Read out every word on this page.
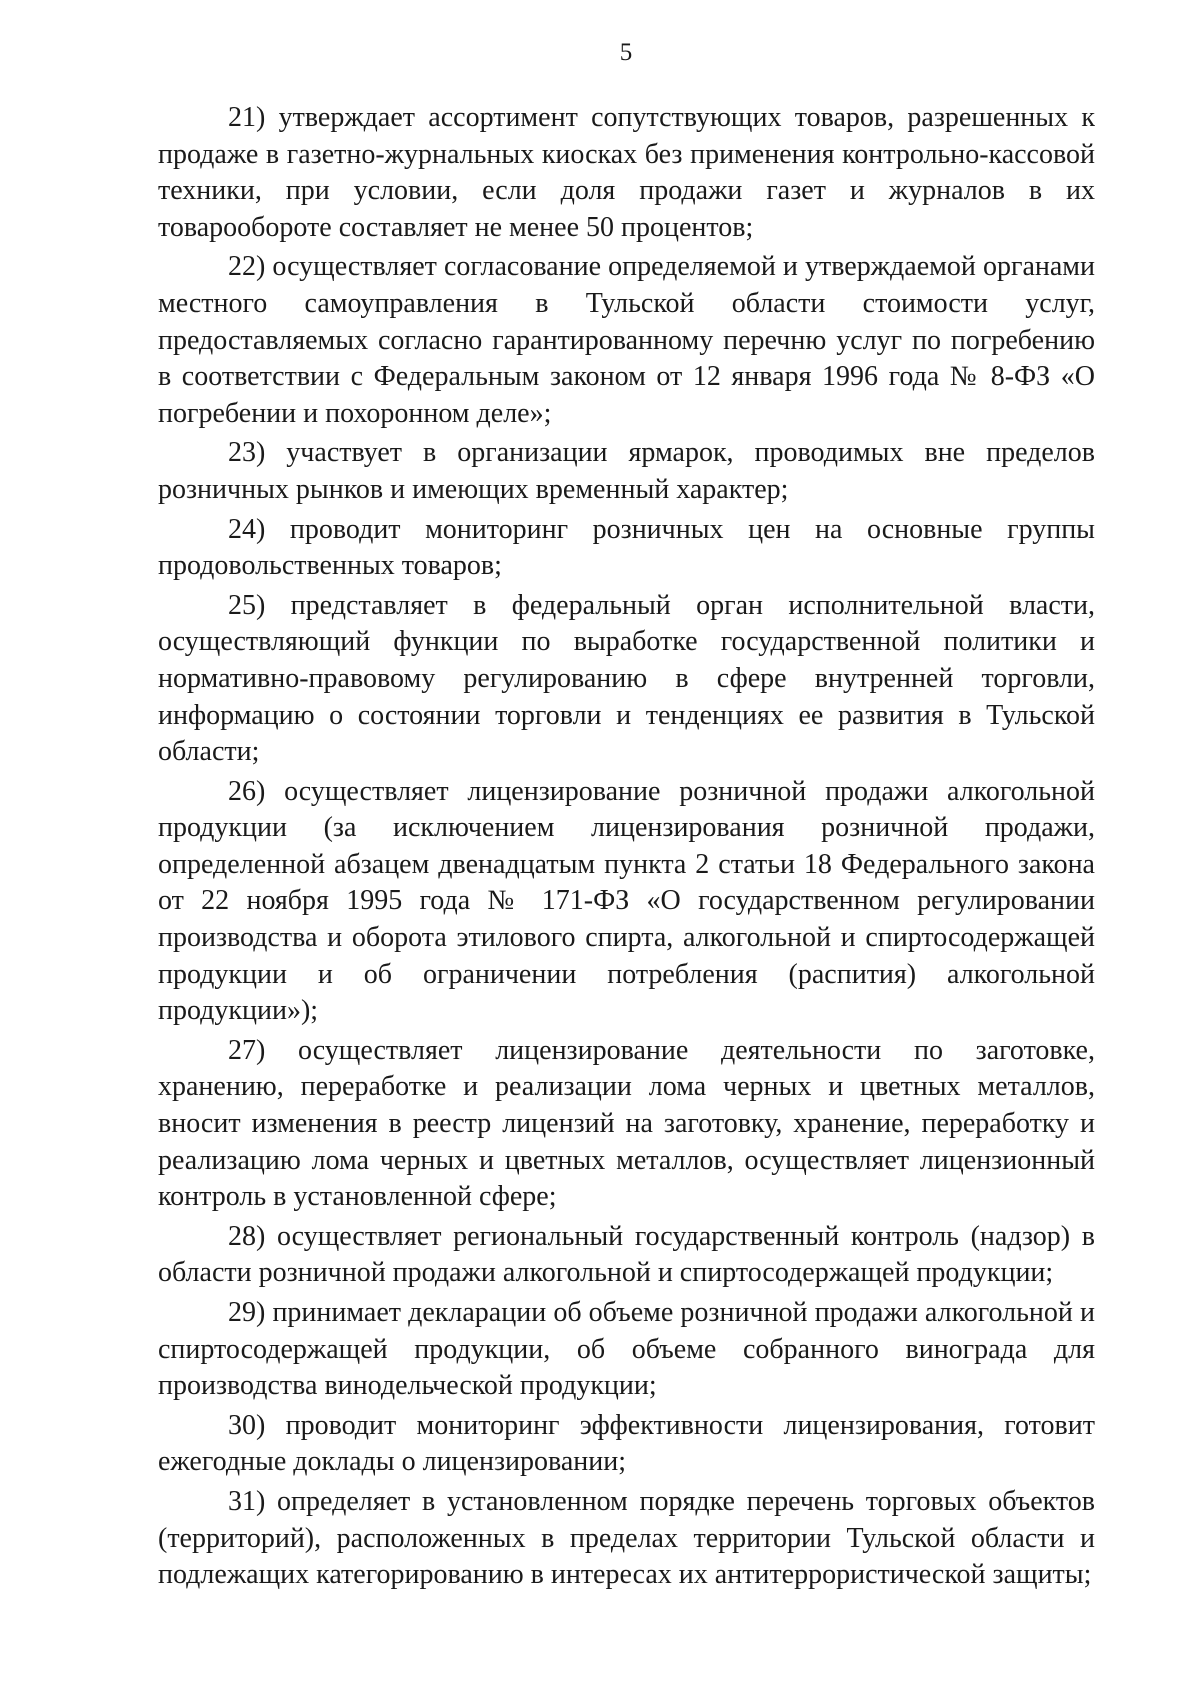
5

21) утверждает ассортимент сопутствующих товаров, разрешенных к продаже в газетно-журнальных киосках без применения контрольно-кассовой техники, при условии, если доля продажи газет и журналов в их товарообороте составляет не менее 50 процентов;

22) осуществляет согласование определяемой и утверждаемой органами местного самоуправления в Тульской области стоимости услуг, предоставляемых согласно гарантированному перечню услуг по погребению в соответствии с Федеральным законом от 12 января 1996 года № 8-ФЗ «О погребении и похоронном деле»;

23) участвует в организации ярмарок, проводимых вне пределов розничных рынков и имеющих временный характер;

24) проводит мониторинг розничных цен на основные группы продовольственных товаров;

25) представляет в федеральный орган исполнительной власти, осуществляющий функции по выработке государственной политики и нормативно-правовому регулированию в сфере внутренней торговли, информацию о состоянии торговли и тенденциях ее развития в Тульской области;

26) осуществляет лицензирование розничной продажи алкогольной продукции (за исключением лицензирования розничной продажи, определенной абзацем двенадцатым пункта 2 статьи 18 Федерального закона от 22 ноября 1995 года № 171-ФЗ «О государственном регулировании производства и оборота этилового спирта, алкогольной и спиртосодержащей продукции и об ограничении потребления (распития) алкогольной продукции»);

27) осуществляет лицензирование деятельности по заготовке, хранению, переработке и реализации лома черных и цветных металлов, вносит изменения в реестр лицензий на заготовку, хранение, переработку и реализацию лома черных и цветных металлов, осуществляет лицензионный контроль в установленной сфере;

28) осуществляет региональный государственный контроль (надзор) в области розничной продажи алкогольной и спиртосодержащей продукции;

29) принимает декларации об объеме розничной продажи алкогольной и спиртосодержащей продукции, об объеме собранного винограда для производства винодельческой продукции;

30) проводит мониторинг эффективности лицензирования, готовит ежегодные доклады о лицензировании;

31) определяет в установленном порядке перечень торговых объектов (территорий), расположенных в пределах территории Тульской области и подлежащих категорированию в интересах их антитеррористической защиты;
